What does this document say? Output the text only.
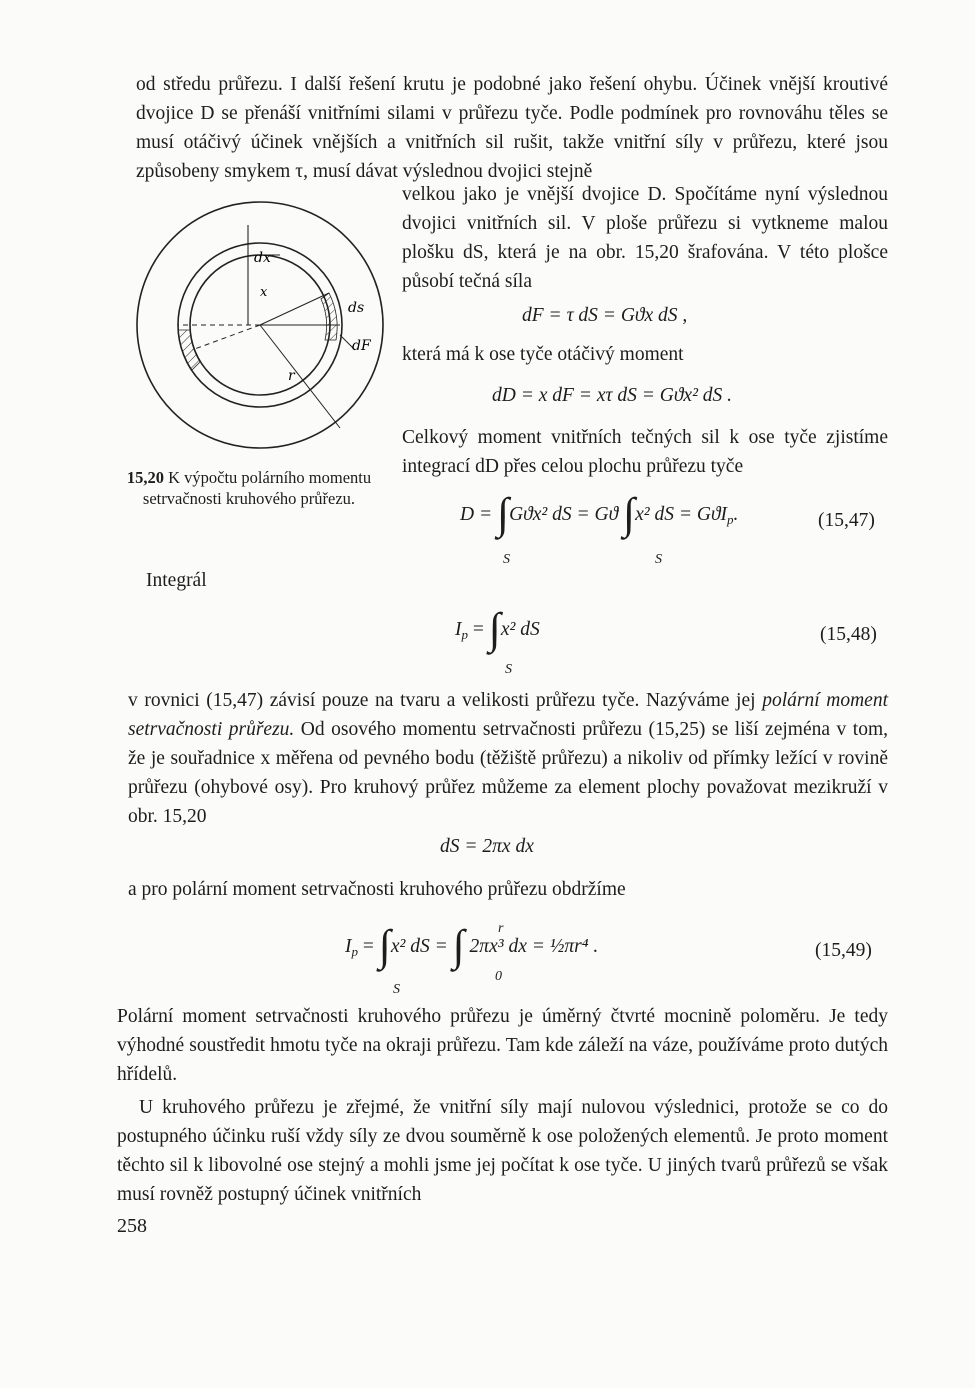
od středu průřezu. I další řešení krutu je podobné jako řešení ohybu. Účinek vnější kroutivé dvojice D se přenáší vnitřními silami v průřezu tyče. Podle podmínek pro rovnováhu těles se musí otáčivý účinek vnějších a vnitřních sil rušit, takže vnitřní síly v průřezu, které jsou způsobeny smykem τ, musí dávat výslednou dvojici stejně

velkou jako je vnější dvojice D. Spočítáme nyní výslednou dvojici vnitřních sil. V ploše průřezu si vytkneme malou plošku dS, která je na obr. 15,20 šrafována. V této plošce působí tečná síla

dx
x
ds
dF
r
15,20 K výpočtu polárního momentu setrvačnosti kruhového průřezu.
dF = τ dS = Gϑx dS ,

která má k ose tyče otáčivý moment

dD = x dF = xτ dS = Gϑx² dS .

Celkový moment vnitřních tečných sil k ose tyče zjistíme integrací dD přes celou plochu průřezu tyče

D = ∫Gϑx² dS = Gϑ ∫x² dS = GϑI$_p$.
S	S
(15,47)

Integrál

$I_p = \int x^2$ dS
S
(15,48)

v rovnici (15,47) závisí pouze na tvaru a velikosti průřezu tyče. Nazýváme jej polární moment setrvačnosti průřezu. Od osového momentu setrvačnosti průřezu (15,25) se liší zejména v tom, že je souřadnice x měřena od pevného bodu (těžiště průřezu) a nikoliv od přímky ležící v rovině průřezu (ohybové osy). Pro kruhový průřez můžeme za element plochy považovat mezikruží v obr. 15,20

dS = 2πx dx

a pro polární moment setrvačnosti kruhového průřezu obdržíme

$I_p = \int x^2$ dS = ∫ 2πx³ dx = ½πr⁴ .
S
r
0
(15,49)

Polární moment setrvačnosti kruhového průřezu je úměrný čtvrté mocnině poloměru. Je tedy výhodné soustředit hmotu tyče na okraji průřezu. Tam kde záleží na váze, používáme proto dutých hřídelů.

U kruhového průřezu je zřejmé, že vnitřní síly mají nulovou výslednici, protože se co do postupného účinku ruší vždy síly ze dvou souměrně k ose položených elementů. Je proto moment těchto sil k libovolné ose stejný a mohli jsme jej počítat k ose tyče. U jiných tvarů průřezů se však musí rovněž postupný účinek vnitřních

258
